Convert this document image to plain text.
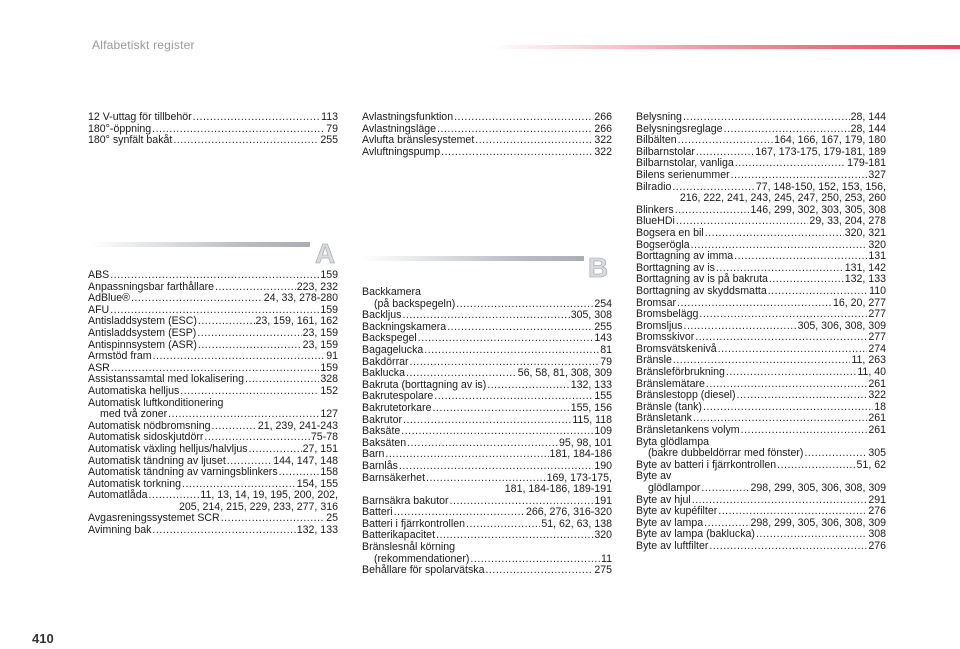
Alfabetiskt register
12 V-uttag för tillbehör .....	113
180°-öppning .....	79
180° synfält bakåt .....	255
A
ABS .....	159
Anpassningsbar farthållare .....	223, 232
AdBlue® .....	24, 33, 278-280
AFU .....	159
Antisladdsystem (ESC) .....	23, 159, 161, 162
Antisladdsystem (ESP) .....	23, 159
Antispinnsystem (ASR) .....	23, 159
Armstöd fram .....	91
ASR .....	159
Assistanssamtal med lokalisering .....	328
Automatiska helljus .....	152
Automatisk luftkonditionering
med två zoner .....	127
Automatisk nödbromsning .....	21, 239, 241-243
Automatisk sidoskjutdörr .....	75-78
Automatisk växling helljus/halvljus .....	27, 151
Automatisk tändning av ljuset .....	144, 147, 148
Automatisk tändning av varningsblinkers .....	158
Automatisk torkning .....	154, 155
Automatlåda .....	11, 13, 14, 19, 195, 200, 202,
205, 214, 215, 229, 233, 277, 316
Avgasreningssystemet SCR .....	25
Avimning bak .....	132, 133
Avlastningsfunktion .....	266
Avlastningsläge .....	266
Avlufta bränslesystemet .....	322
Avluftningspump .....	322
B
Backkamera
(på backspegeln) .....	254
Backljus .....	305, 308
Backningskamera .....	255
Backspegel .....	143
Bagagelucka .....	81
Bakdörrar .....	79
Baklucka .....	56, 58, 81, 308, 309
Bakruta (borttagning av is) .....	132, 133
Bakrutespolare .....	155
Bakrutetorkare .....	155, 156
Bakrutor .....	115, 118
Baksäte .....	109
Baksäten .....	95, 98, 101
Barn .....	181, 184-186
Barnlås .....	190
Barnsäkerhet .....	169, 173-175,
181, 184-186, 189-191
Barnsäkra bakutor .....	191
Batteri .....	266, 276, 316-320
Batteri i fjärrkontrollen .....	51, 62, 63, 138
Batterikapacitet .....	320
Bränslesnål körning
(rekommendationer) .....	11
Behållare för spolarvätska .....	275
Belysning .....	28, 144
Belysningsreglage .....	28, 144
Bilbälten .....	164, 166, 167, 179, 180
Bilbarnstolar .....	167, 173-175, 179-181, 189
Bilbarnstolar, vanliga .....	179-181
Bilens serienummer .....	327
Bilradio .....	77, 148-150, 152, 153, 156,
216, 222, 241, 243, 245, 247, 250, 253, 260
Blinkers .....	146, 299, 302, 303, 305, 308
BlueHDi .....	29, 33, 204, 278
Bogsera en bil .....	320, 321
Bogserögla .....	320
Borttagning av imma .....	131
Borttagning av is .....	131, 142
Borttagning av is på bakruta .....	132, 133
Borttagning av skyddsmatta .....	110
Bromsar .....	16, 20, 277
Bromsbelägg .....	277
Bromsljus .....	305, 306, 308, 309
Bromsskivor .....	277
Bromsvätskenivå .....	274
Bränsle .....	11, 263
Bränsleförbrukning .....	11, 40
Bränslemätare .....	261
Bränslestopp (diesel) .....	322
Bränsle (tank) .....	18
Bränsletank .....	261
Bränsletankens volym .....	261
Byta glödlampa
(bakre dubbeldörrar med fönster) .....	305
Byte av batteri i fjärrkontrollen .....	51, 62
Byte av
glödlampor .....	298, 299, 305, 306, 308, 309
Byte av hjul .....	291
Byte av kupéfilter .....	276
Byte av lampa .....	298, 299, 305, 306, 308, 309
Byte av lampa (baklucka) .....	308
Byte av luftfilter .....	276
410
